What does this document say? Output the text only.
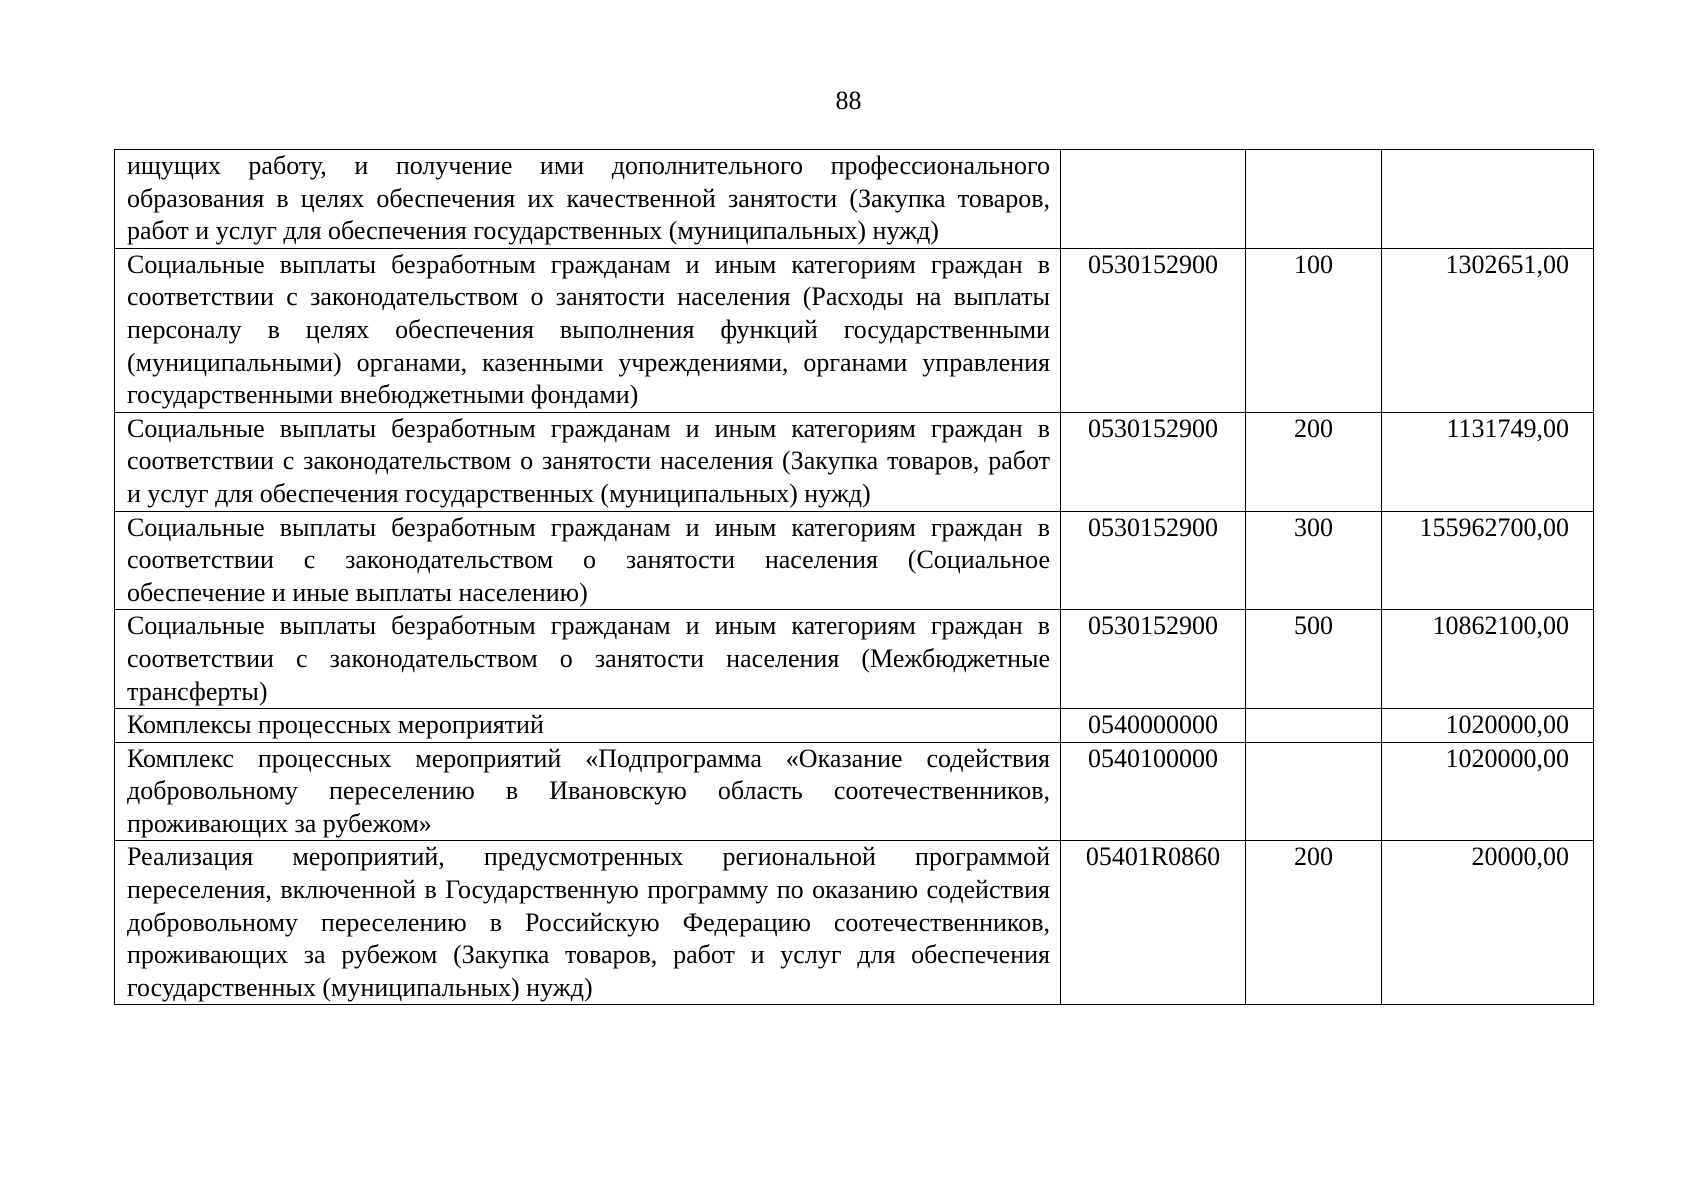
88
ищущих работу, и получение ими дополнительного профессионального образования в целях обеспечения их качественной занятости (Закупка товаров, работ и услуг для обеспечения государственных (муниципальных) нужд)			
Социальные выплаты безработным гражданам и иным категориям граждан в соответствии с законодательством о занятости населения (Расходы на выплаты персоналу в целях обеспечения выполнения функций государственными (муниципальными) органами, казенными учреждениями, органами управления государственными внебюджетными фондами)	0530152900	100	1302651,00
Социальные выплаты безработным гражданам и иным категориям граждан в соответствии с законодательством о занятости населения (Закупка товаров, работ и услуг для обеспечения государственных (муниципальных) нужд)	0530152900	200	1131749,00
Социальные выплаты безработным гражданам и иным категориям граждан в соответствии с законодательством о занятости населения (Социальное обеспечение и иные выплаты населению)	0530152900	300	155962700,00
Социальные выплаты безработным гражданам и иным категориям граждан в соответствии с законодательством о занятости населения (Межбюджетные трансферты)	0530152900	500	10862100,00
Комплексы процессных мероприятий	0540000000		1020000,00
Комплекс процессных мероприятий «Подпрограмма «Оказание содействия добровольному переселению в Ивановскую область соотечественников, проживающих за рубежом»	0540100000		1020000,00
Реализация мероприятий, предусмотренных региональной программой переселения, включенной в Государственную программу по оказанию содействия добровольному переселению в Российскую Федерацию соотечественников, проживающих за рубежом (Закупка товаров, работ и услуг для обеспечения государственных (муниципальных) нужд)	05401R0860	200	20000,00
